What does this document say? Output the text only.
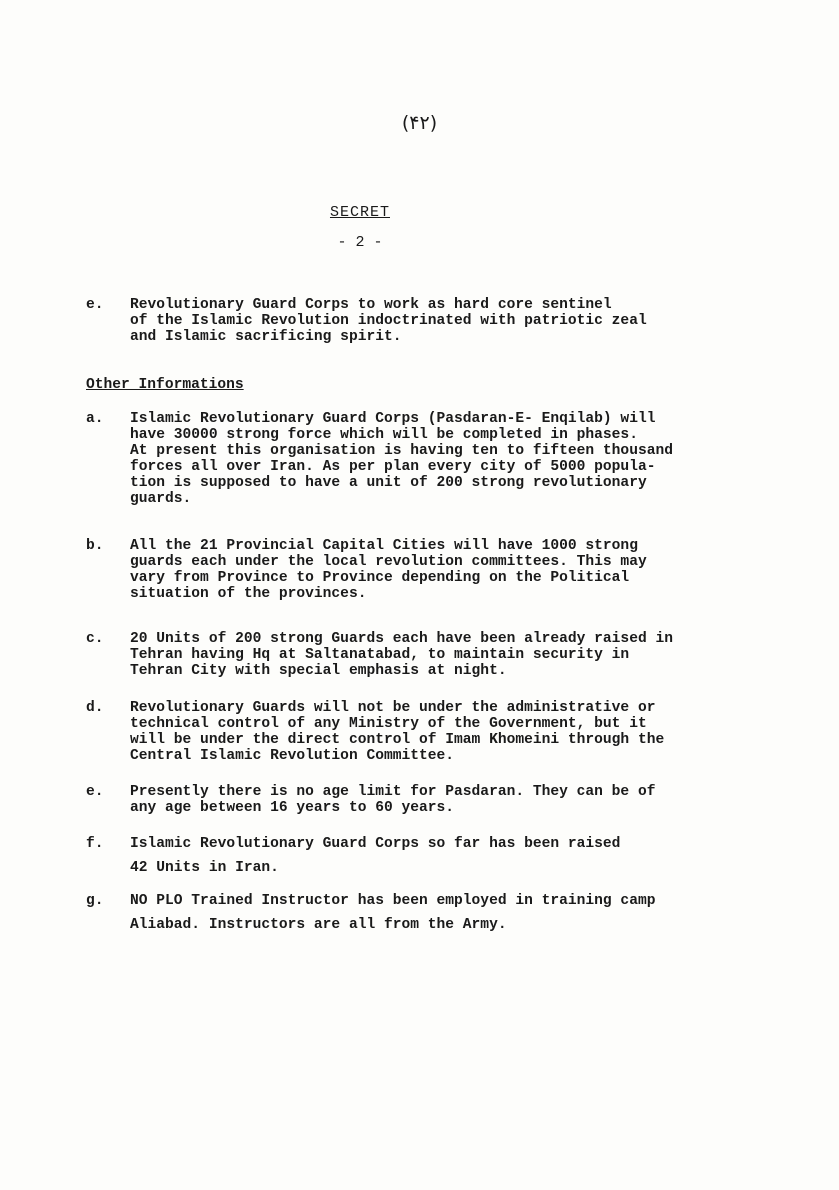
(۴۲)
SECRET
- 2 -
e.	Revolutionary Guard Corps to work as hard core sentinel
of the Islamic Revolution indoctrinated with patriotic zeal
and Islamic sacrificing spirit.
Other Informations
a.	Islamic Revolutionary Guard Corps (Pasdaran-E- Enqilab) will
have 30000 strong force which will be completed in phases.
At present this organisation is having ten to fifteen thousand
forces all over Iran. As per plan every city of 5000 popula-
tion is supposed to have a unit of 200 strong revolutionary
guards.
b.	All the 21 Provincial Capital Cities will have 1000 strong
guards each under the local revolution committees. This may
vary from Province to Province depending on the Political
situation of the provinces.
c.	20 Units of 200 strong Guards each have been already raised in
Tehran having Hq at Saltanatabad, to maintain security in
Tehran City with special emphasis at night.
d.	Revolutionary Guards will not be under the administrative or
technical control of any Ministry of the Government, but it
will be under the direct control of Imam Khomeini through the
Central Islamic Revolution Committee.
e.	Presently there is no age limit for Pasdaran. They can be of
any age between 16 years to 60 years.
f.	Islamic Revolutionary Guard Corps so far has been raised
42 Units in Iran.
g.	NO PLO Trained Instructor has been employed in training camp
Aliabad. Instructors are all from the Army.
